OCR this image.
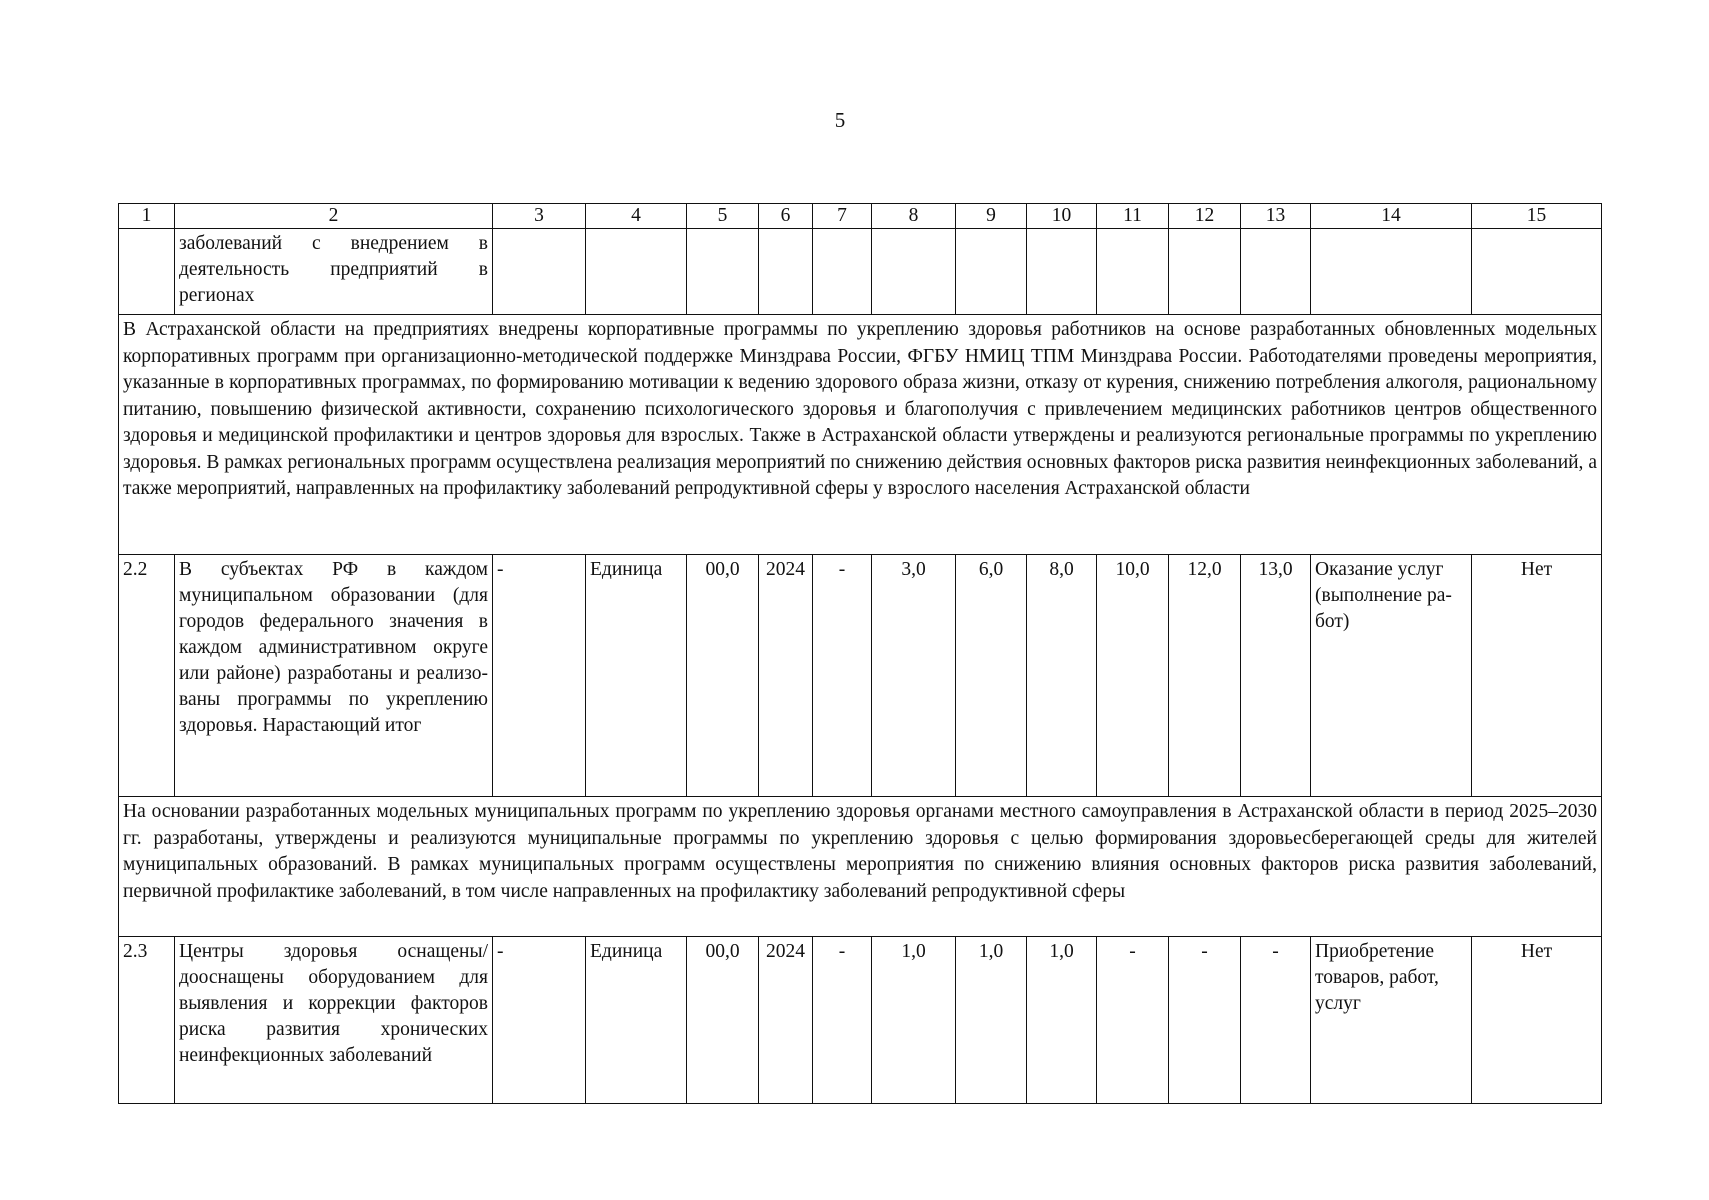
5
1	2	3	4	5	6	7	8	9	10	11	12	13	14	15
	заболеваний с внедрением в деятельность предприятий в регионах													
В Астраханской области на предприятиях внедрены корпоративные программы по укреплению здоровья работников на основе разработанных обновленных модельных корпоративных программ при организационно-методической поддержке Минздрава России, ФГБУ НМИЦ ТПМ Минздрава России. Работодателями проведены мероприятия, указанные в корпоративных программах, по формированию мотивации к ведению здорового образа жизни, отказу от курения, снижению потребления алкоголя, рациональному питанию, повышению физической активности, сохранению психологического здоровья и благополучия с привлечением медицинских работников центров общественного здоровья и медицинской профилактики и центров здоровья для взрослых. Также в Астраханской области утверждены и реализуются региональные программы по укреплению здоровья. В рамках региональных программ осуществлена реализация мероприятий по снижению действия основных факторов риска развития неинфекционных заболеваний, а также мероприятий, направленных на профилактику заболеваний репродуктивной сферы у взрослого населения Астраханской области														
2.2	В субъектах РФ в каждом муниципальном образовании (для городов федерального значения в каждом административном округе или районе) разработаны и реализованы программы по укреплению здоровья. Нарастающий итог	-	Единица	00,0	2024	-	3,0	6,0	8,0	10,0	12,0	13,0	Оказание услуг (выполнение работ)	Нет
На основании разработанных модельных муниципальных программ по укреплению здоровья органами местного самоуправления в Астраханской области в период 2025–2030 гг. разработаны, утверждены и реализуются муниципальные программы по укреплению здоровья с целью формирования здоровьесберегающей среды для жителей муниципальных образований. В рамках муниципальных программ осуществлены мероприятия по снижению влияния основных факторов риска развития заболеваний, первичной профилактике заболеваний, в том числе направленных на профилактику заболеваний репродуктивной сферы														
2.3	Центры здоровья оснащены/дооснащены оборудованием для выявления и коррекции факторов риска развития хронических неинфекционных заболеваний	-	Единица	00,0	2024	-	1,0	1,0	1,0	-	-	-	Приобретение товаров, работ, услуг	Нет
